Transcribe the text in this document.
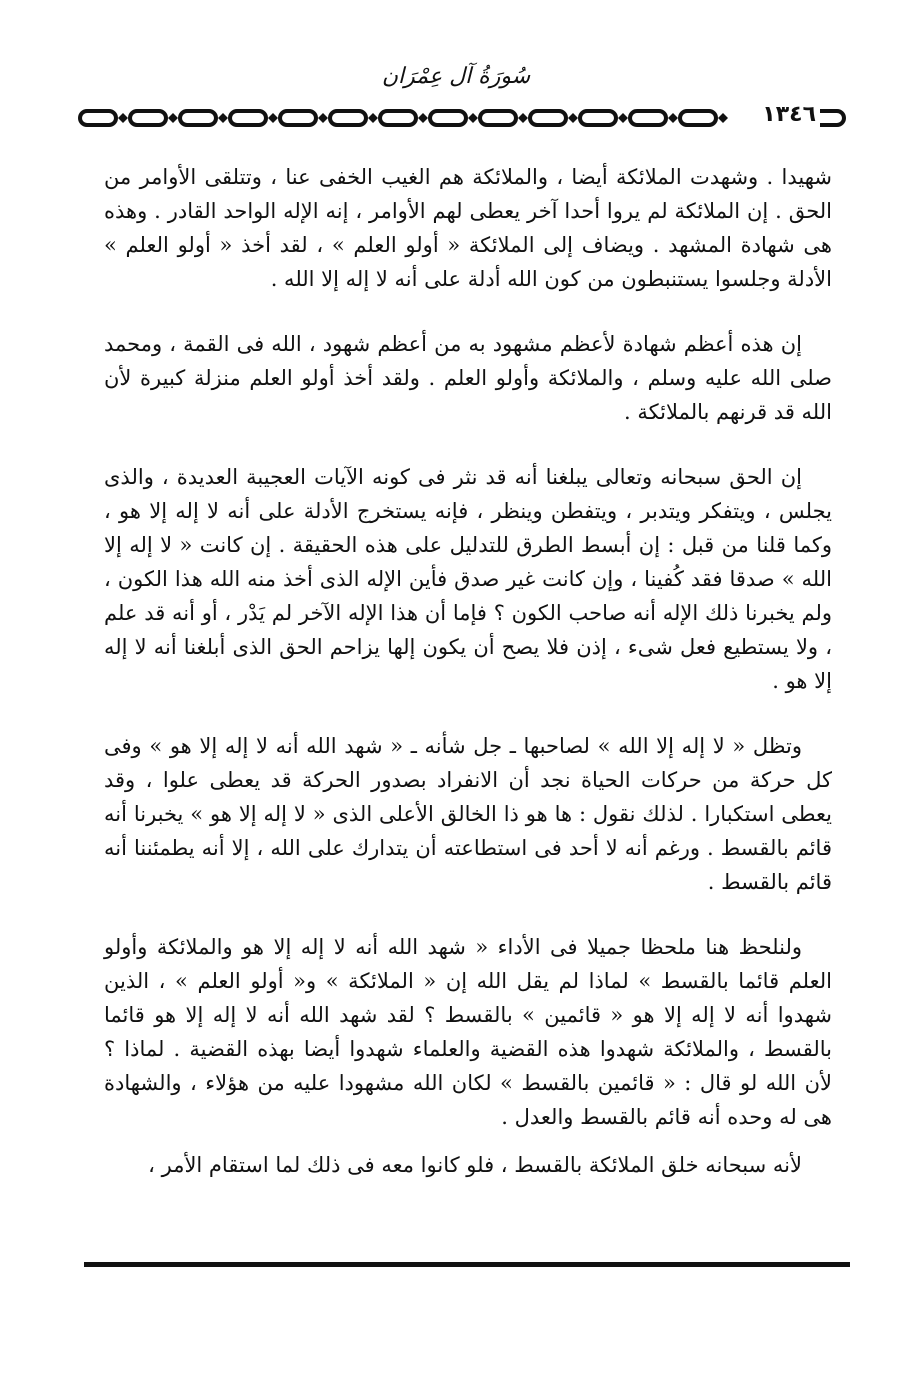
سُورَةُ آل عِمْرَان
١٣٤٦

شهيدا . وشهدت الملائكة أيضا ، والملائكة هم الغيب الخفى عنا ، وتتلقى الأوامر من الحق . إن الملائكة لم يروا أحدا آخر يعطى لهم الأوامر ، إنه الإله الواحد القادر . وهذه هى شهادة المشهد . ويضاف إلى الملائكة « أولو العلم » ، لقد أخذ « أولو العلم » الأدلة وجلسوا يستنبطون من كون الله أدلة على أنه لا إله إلا الله .

إن هذه أعظم شهادة لأعظم مشهود به من أعظم شهود ، الله فى القمة ، ومحمد صلى الله عليه وسلم ، والملائكة وأولو العلم . ولقد أخذ أولو العلم منزلة كبيرة لأن الله قد قرنهم بالملائكة .

إن الحق سبحانه وتعالى يبلغنا أنه قد نثر فى كونه الآيات العجيبة العديدة ، والذى يجلس ، ويتفكر ويتدبر ، ويتفطن وينظر ، فإنه يستخرج الأدلة على أنه لا إله إلا هو ، وكما قلنا من قبل : إن أبسط الطرق للتدليل على هذه الحقيقة . إن كانت « لا إله إلا الله » صدقا فقد كُفينا ، وإن كانت غير صدق فأين الإله الذى أخذ منه الله هذا الكون ، ولم يخبرنا ذلك الإله أنه صاحب الكون ؟ فإما أن هذا الإله الآخر لم يَدْر ، أو أنه قد علم ، ولا يستطيع فعل شىء ، إذن فلا يصح أن يكون إلها يزاحم الحق الذى أبلغنا أنه لا إله إلا هو .

وتظل « لا إله إلا الله » لصاحبها ـ جل شأنه ـ « شهد الله أنه لا إله إلا هو » وفى كل حركة من حركات الحياة نجد أن الانفراد بصدور الحركة قد يعطى علوا ، وقد يعطى استكبارا . لذلك نقول : ها هو ذا الخالق الأعلى الذى « لا إله إلا هو » يخبرنا أنه قائم بالقسط . ورغم أنه لا أحد فى استطاعته أن يتدارك على الله ، إلا أنه يطمئننا أنه قائم بالقسط .

ولنلحظ هنا ملحظا جميلا فى الأداء « شهد الله أنه لا إله إلا هو والملائكة وأولو العلم قائما بالقسط » لماذا لم يقل الله إن « الملائكة » و« أولو العلم » ، الذين شهدوا أنه لا إله إلا هو « قائمين » بالقسط ؟ لقد شهد الله أنه لا إله إلا هو قائما بالقسط ، والملائكة شهدوا هذه القضية والعلماء شهدوا أيضا بهذه القضية . لماذا ؟ لأن الله لو قال : « قائمين بالقسط » لكان الله مشهودا عليه من هؤلاء ، والشهادة هى له وحده أنه قائم بالقسط والعدل .

لأنه سبحانه خلق الملائكة بالقسط ، فلو كانوا معه فى ذلك لما استقام الأمر ،
